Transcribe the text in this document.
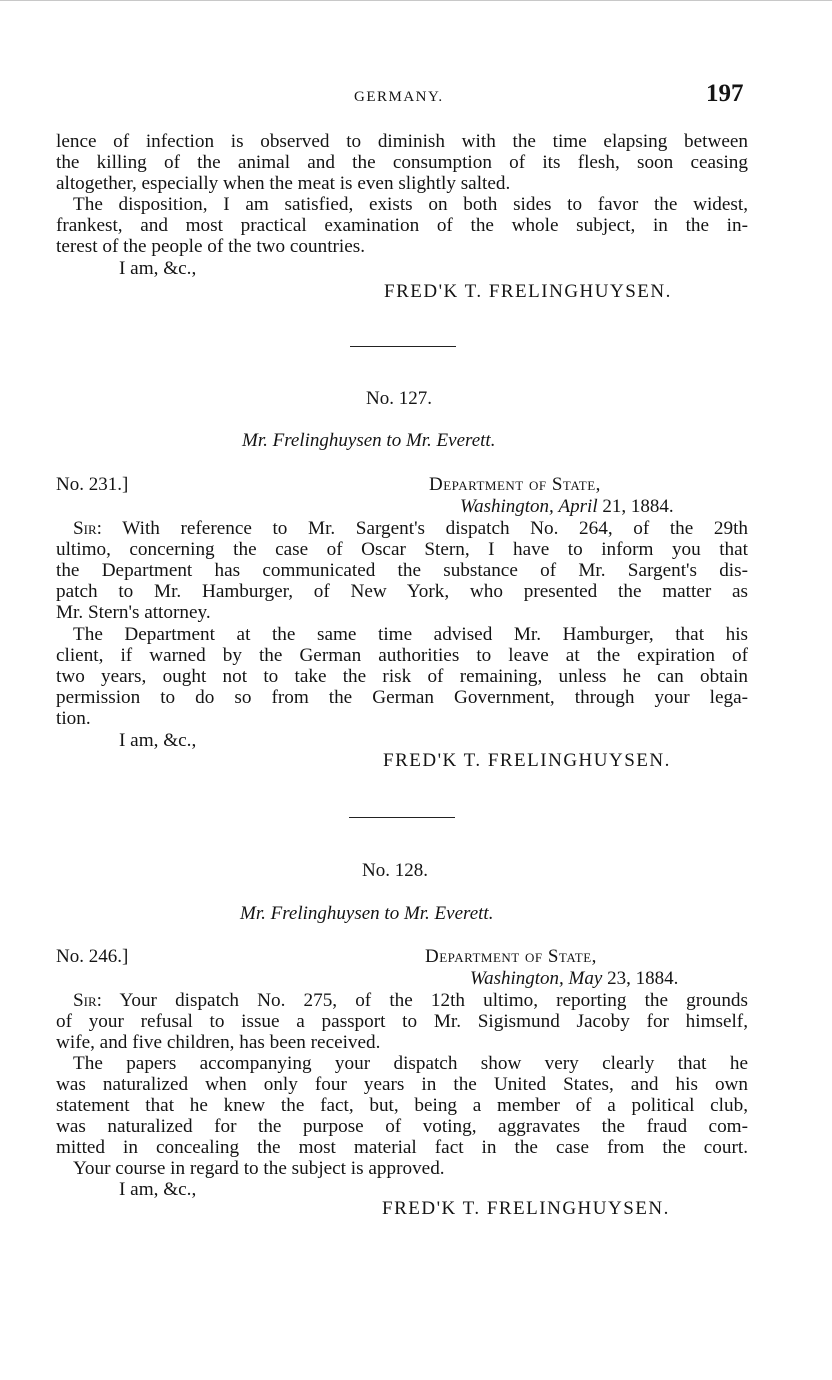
GERMANY.	197
lence of infection is observed to diminish with the time elapsing between
the killing of the animal and the consumption of its flesh, soon ceasing
altogether, especially when the meat is even slightly salted.
The disposition, I am satisfied, exists on both sides to favor the widest,
frankest, and most practical examination of the whole subject, in the in-
terest of the people of the two countries.
I am, &c.,
FRED'K T. FRELINGHUYSEN.
No. 127.
Mr. Frelinghuysen to Mr. Everett.
No. 231.]	Department of State,
Washington, April 21, 1884.
Sir: With reference to Mr. Sargent's dispatch No. 264, of the 29th
ultimo, concerning the case of Oscar Stern, I have to inform you that
the Department has communicated the substance of Mr. Sargent's dis-
patch to Mr. Hamburger, of New York, who presented the matter as
Mr. Stern's attorney.
The Department at the same time advised Mr. Hamburger, that his
client, if warned by the German authorities to leave at the expiration of
two years, ought not to take the risk of remaining, unless he can obtain
permission to do so from the German Government, through your lega-
tion.
I am, &c.,
FRED'K T. FRELINGHUYSEN.
No. 128.
Mr. Frelinghuysen to Mr. Everett.
No. 246.]	Department of State,
Washington, May 23, 1884.
Sir: Your dispatch No. 275, of the 12th ultimo, reporting the grounds
of your refusal to issue a passport to Mr. Sigismund Jacoby for himself,
wife, and five children, has been received.
The papers accompanying your dispatch show very clearly that he
was naturalized when only four years in the United States, and his own
statement that he knew the fact, but, being a member of a political club,
was naturalized for the purpose of voting, aggravates the fraud com-
mitted in concealing the most material fact in the case from the court.
Your course in regard to the subject is approved.
I am, &c.,
FRED'K T. FRELINGHUYSEN.
